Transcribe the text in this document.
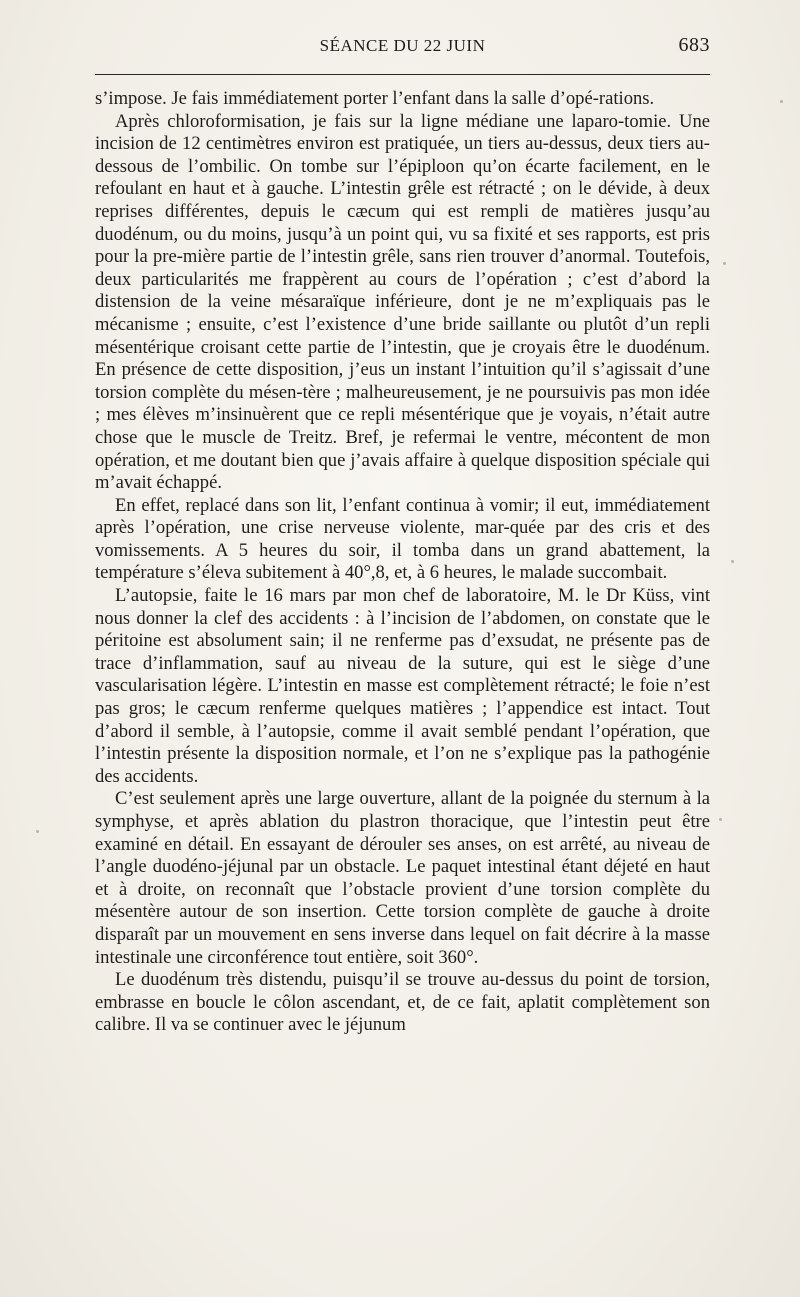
SÉANCE DU 22 JUIN	683

s’impose. Je fais immédiatement porter l’enfant dans la salle d’opé-rations.

Après chloroformisation, je fais sur la ligne médiane une laparo-tomie. Une incision de 12 centimètres environ est pratiquée, un tiers au-dessus, deux tiers au-dessous de l’ombilic. On tombe sur l’épiploon qu’on écarte facilement, en le refoulant en haut et à gauche. L’intestin grêle est rétracté ; on le dévide, à deux reprises différentes, depuis le cæcum qui est rempli de matières jusqu’au duodénum, ou du moins, jusqu’à un point qui, vu sa fixité et ses rapports, est pris pour la pre-mière partie de l’intestin grêle, sans rien trouver d’anormal. Toutefois, deux particularités me frappèrent au cours de l’opération ; c’est d’abord la distension de la veine mésaraïque inférieure, dont je ne m’expliquais pas le mécanisme ; ensuite, c’est l’existence d’une bride saillante ou plutôt d’un repli mésentérique croisant cette partie de l’intestin, que je croyais être le duodénum. En présence de cette disposition, j’eus un instant l’intuition qu’il s’agissait d’une torsion complète du mésen-tère ; malheureusement, je ne poursuivis pas mon idée ; mes élèves m’insinuèrent que ce repli mésentérique que je voyais, n’était autre chose que le muscle de Treitz. Bref, je refermai le ventre, mécontent de mon opération, et me doutant bien que j’avais affaire à quelque disposition spéciale qui m’avait échappé.

En effet, replacé dans son lit, l’enfant continua à vomir; il eut, immédiatement après l’opération, une crise nerveuse violente, mar-quée par des cris et des vomissements. A 5 heures du soir, il tomba dans un grand abattement, la température s’éleva subitement à 40°,8, et, à 6 heures, le malade succombait.

L’autopsie, faite le 16 mars par mon chef de laboratoire, M. le Dr Küss, vint nous donner la clef des accidents : à l’incision de l’abdomen, on constate que le péritoine est absolument sain; il ne renferme pas d’exsudat, ne présente pas de trace d’inflammation, sauf au niveau de la suture, qui est le siège d’une vascularisation légère. L’intestin en masse est complètement rétracté; le foie n’est pas gros; le cæcum renferme quelques matières ; l’appendice est intact. Tout d’abord il semble, à l’autopsie, comme il avait semblé pendant l’opération, que l’intestin présente la disposition normale, et l’on ne s’explique pas la pathogénie des accidents.

C’est seulement après une large ouverture, allant de la poignée du sternum à la symphyse, et après ablation du plastron thoracique, que l’intestin peut être examiné en détail. En essayant de dérouler ses anses, on est arrêté, au niveau de l’angle duodéno-jéjunal par un obstacle. Le paquet intestinal étant déjeté en haut et à droite, on reconnaît que l’obstacle provient d’une torsion complète du mésentère autour de son insertion. Cette torsion complète de gauche à droite disparaît par un mouvement en sens inverse dans lequel on fait décrire à la masse intestinale une circonférence tout entière, soit 360°.

Le duodénum très distendu, puisqu’il se trouve au-dessus du point de torsion, embrasse en boucle le côlon ascendant, et, de ce fait, aplatit complètement son calibre. Il va se continuer avec le jéjunum
